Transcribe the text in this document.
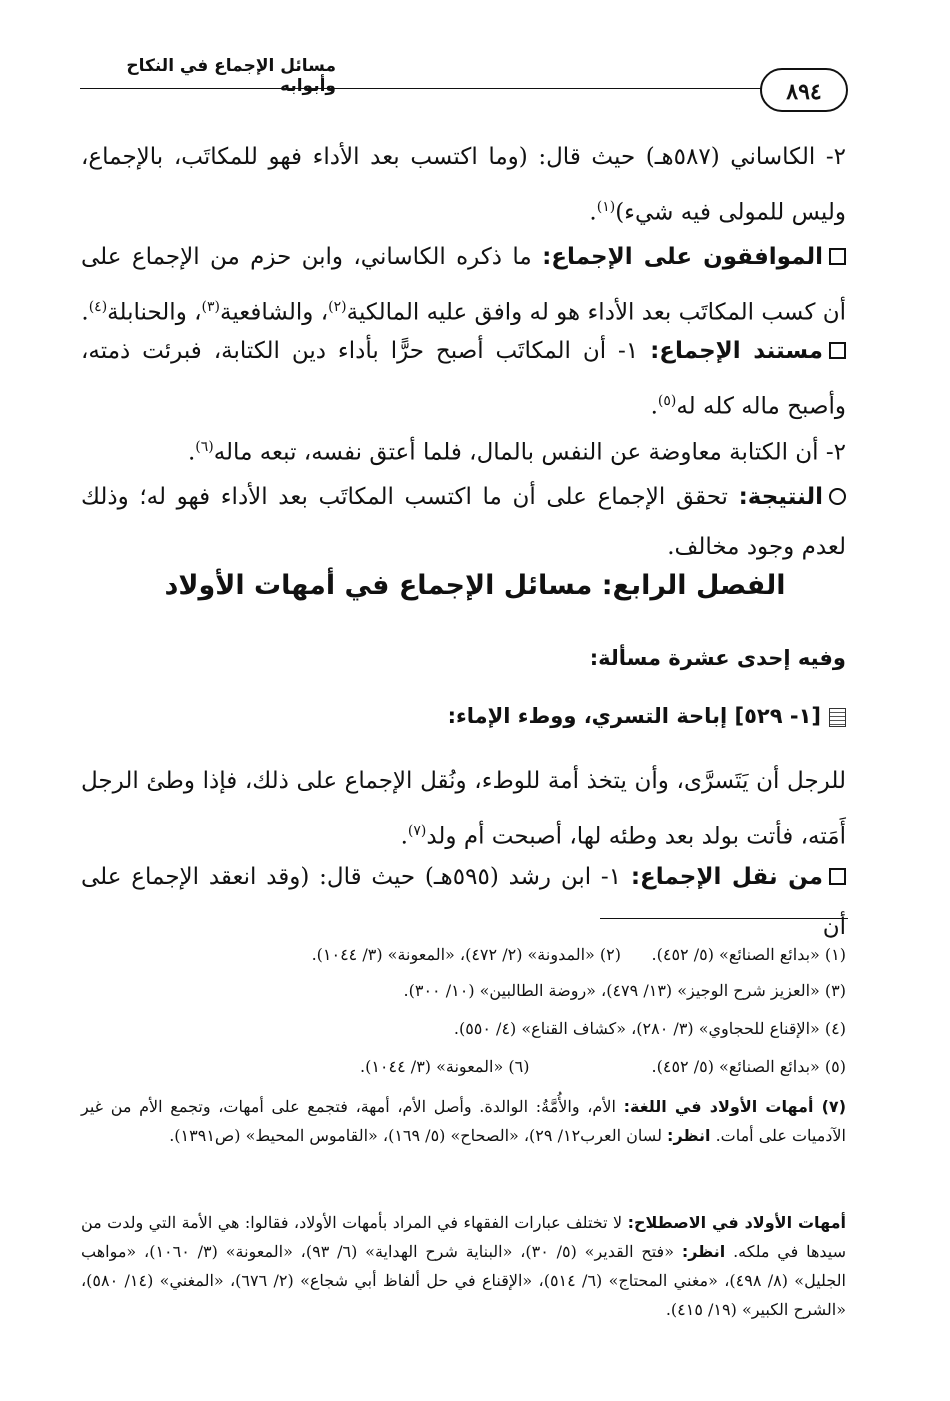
مسائل الإجماع في النكاح وأبوابه	٨٩٤
٢- الكاساني (٥٨٧هـ) حيث قال: (وما اكتسب بعد الأداء فهو للمكاتَب، بالإجماع، وليس للمولى فيه شيء)$^{(١)}$.
الموافقون على الإجماع: ما ذكره الكاساني، وابن حزم من الإجماع على أن كسب المكاتَب بعد الأداء هو له وافق عليه المالكية$^{(٢)}$، والشافعية$^{(٣)}$، والحنابلة$^{(٤)}$.
مستند الإجماع: ١- أن المكاتَب أصبح حرًّا بأداء دين الكتابة، فبرئت ذمته، وأصبح ماله كله له$^{(٥)}$.
٢- أن الكتابة معاوضة عن النفس بالمال، فلما أعتق نفسه، تبعه ماله$^{(٦)}$.
النتيجة: تحقق الإجماع على أن ما اكتسب المكاتَب بعد الأداء فهو له؛ وذلك لعدم وجود مخالف.
الفصل الرابع: مسائل الإجماع في أمهات الأولاد
وفيه إحدى عشرة مسألة:
[١- ٥٢٩] إباحة التسري، ووطء الإماء:
للرجل أن يَتَسرَّى، وأن يتخذ أمة للوطء، ونُقل الإجماع على ذلك، فإذا وطئ الرجل أَمَته، فأتت بولد بعد وطئه لها، أصبحت أم ولد$^{(٧)}$.
من نقل الإجماع: ١- ابن رشد (٥٩٥هـ) حيث قال: (وقد انعقد الإجماع على أن
(١) «بدائع الصنائع» (٥/ ٤٥٢).      (٢) «المدونة» (٢/ ٤٧٢)، «المعونة» (٣/ ١٠٤٤).
(٣) «العزيز شرح الوجيز» (١٣/ ٤٧٩)، «روضة الطالبين» (١٠/ ٣٠٠).
(٤) «الإقناع للحجاوي» (٣/ ٢٨٠)، «كشاف القناع» (٤/ ٥٥٠).
(٥) «بدائع الصنائع» (٥/ ٤٥٢).                        (٦) «المعونة» (٣/ ١٠٤٤).
(٧) أمهات الأولاد في اللغة: الأم، والأُمَّةُ: الوالدة. وأصل الأم، أمهة، فتجمع على أمهات، وتجمع الأم من غير الآدميات على أمات. انظر: لسان العرب١٢/ ٢٩)، «الصحاح» (٥/ ١٦٩)، «القاموس المحيط» (ص١٣٩١).
أمهات الأولاد في الاصطلاح: لا تختلف عبارات الفقهاء في المراد بأمهات الأولاد، فقالوا: هي الأمة التي ولدت من سيدها في ملكه. انظر: «فتح القدير» (٥/ ٣٠)، «البناية شرح الهداية» (٦/ ٩٣)، «المعونة» (٣/ ١٠٦٠)، «مواهب الجليل» (٨/ ٤٩٨)، «مغني المحتاج» (٦/ ٥١٤)، «الإقناع في حل ألفاظ أبي شجاع» (٢/ ٦٧٦)، «المغني» (١٤/ ٥٨٠)، «الشرح الكبير» (١٩/ ٤١٥).
